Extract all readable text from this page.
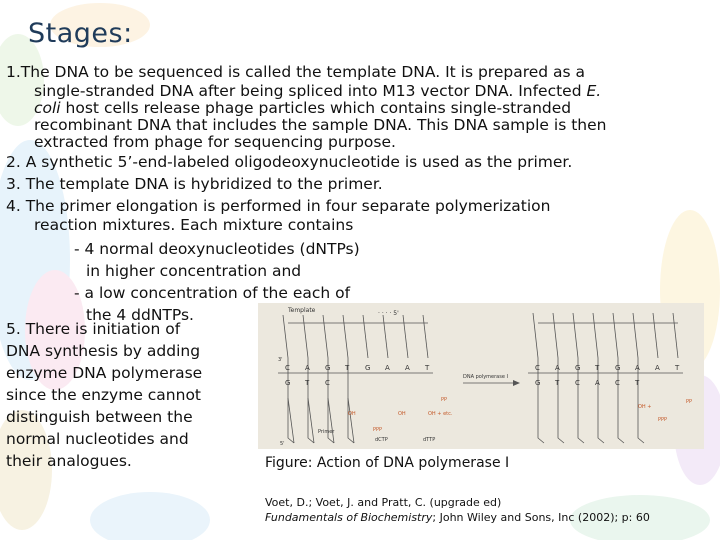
Stages:
1.The DNA to be sequenced is called the template DNA. It is prepared as a
single-stranded DNA after being spliced into M13 vector DNA. Infected E.
coli host cells release phage particles which contains single-stranded
recombinant DNA that includes the sample DNA. This DNA sample is then
extracted from phage for sequencing purpose.
2. A synthetic 5’-end-labeled oligodeoxynucleotide is used as the primer.
3. The template DNA is hybridized to the primer.
4. The primer elongation is performed in four separate polymerization
reaction mixtures. Each mixture contains
- 4 normal deoxynucleotides (dNTPs)
in higher concentration and
- a low concentration of the each of
the 4 ddNTPs.
5. There is initiation of
DNA synthesis by adding
enzyme DNA polymerase
since the enzyme cannot
distinguish between the
normal nucleotides and
their analogues.
Template	· · · · 5'
C A G T G A A T
G T C
Primer
dCTP	dTTP
OH	OH	OH + etc.
PPP
PP
DNA polymerase I
C A G T G A A T
G T C A C T
OH +
PPP
PP
3'
5'
Figure: Action of DNA polymerase I
Voet, D.; Voet, J. and Pratt, C. (upgrade ed)
Fundamentals of Biochemistry; John Wiley and Sons, Inc (2002); p: 60
